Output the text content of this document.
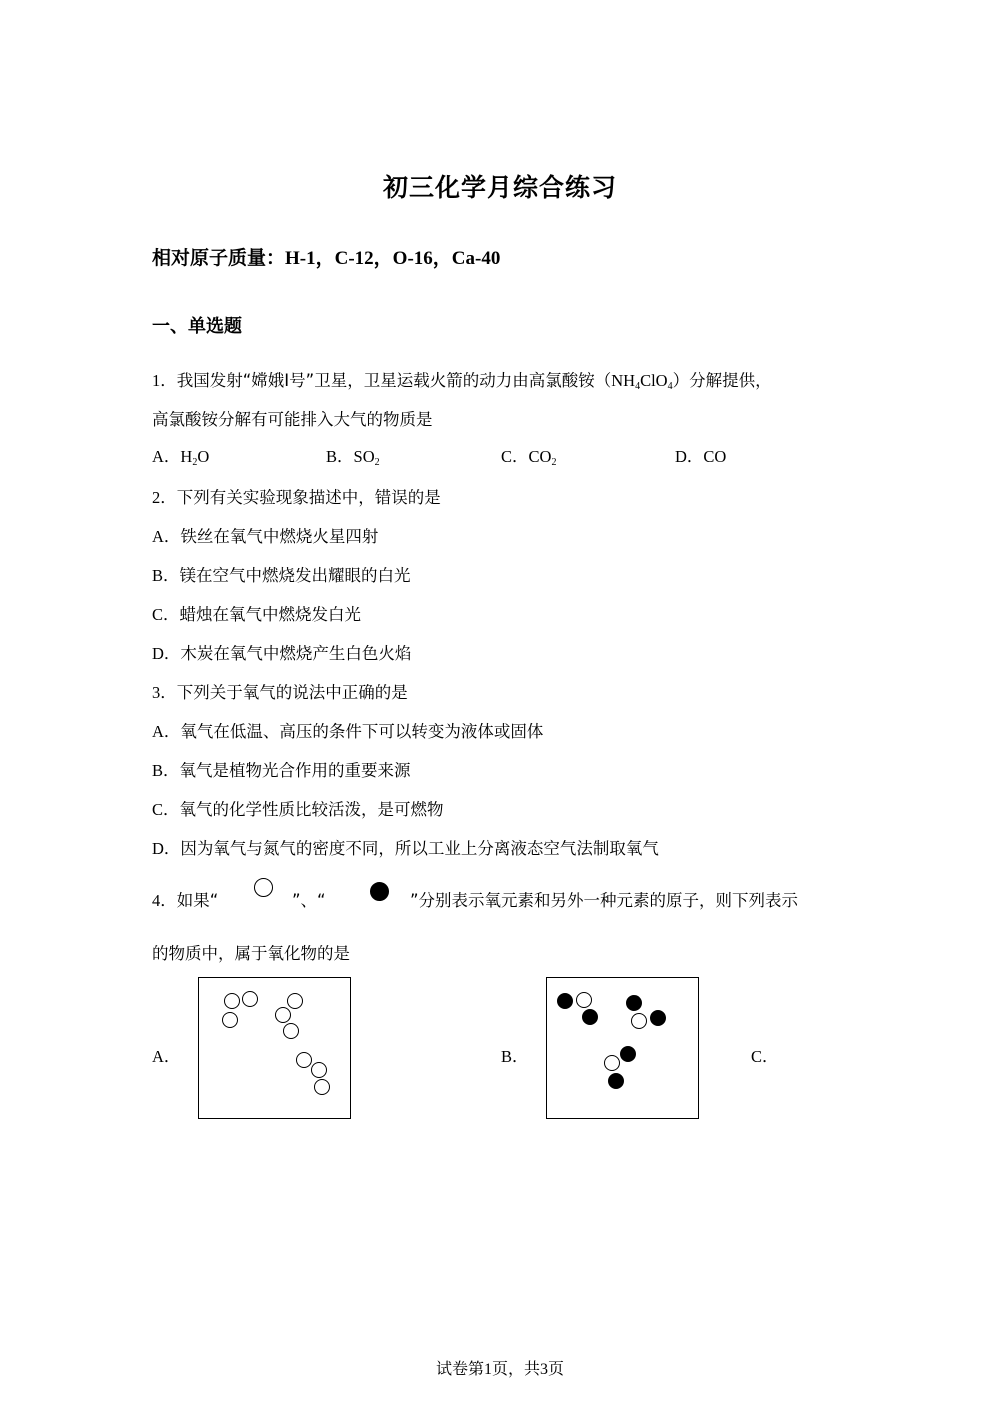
初三化学月综合练习
相对原子质量：H-1，C-12，O-16，Ca-40
一、单选题
1．我国发射“嫦娥Ⅰ号”卫星，卫星运载火箭的动力由高氯酸铵$(NH_4ClO_4)$分解提供，
高氯酸铵分解有可能排入大气的物质是
A．$H_2O$	B．$SO_2$	C．$CO_2$	D．CO
2．下列有关实验现象描述中，错误的是
A．铁丝在氧气中燃烧火星四射
B．镁在空气中燃烧发出耀眼的白光
C．蜡烛在氧气中燃烧发白光
D．木炭在氧气中燃烧产生白色火焰
3．下列关于氧气的说法中正确的是
A．氧气在低温、高压的条件下可以转变为液体或固体
B．氧气是植物光合作用的重要来源
C．氧气的化学性质比较活泼，是可燃物
D．因为氧气与氮气的密度不同，所以工业上分离液态空气法制取氧气
4．如果“	”、“	”分别表示氧元素和另外一种元素的原子，则下列表示
的物质中，属于氧化物的是
A．	B．	C．
试卷第1页，共3页
